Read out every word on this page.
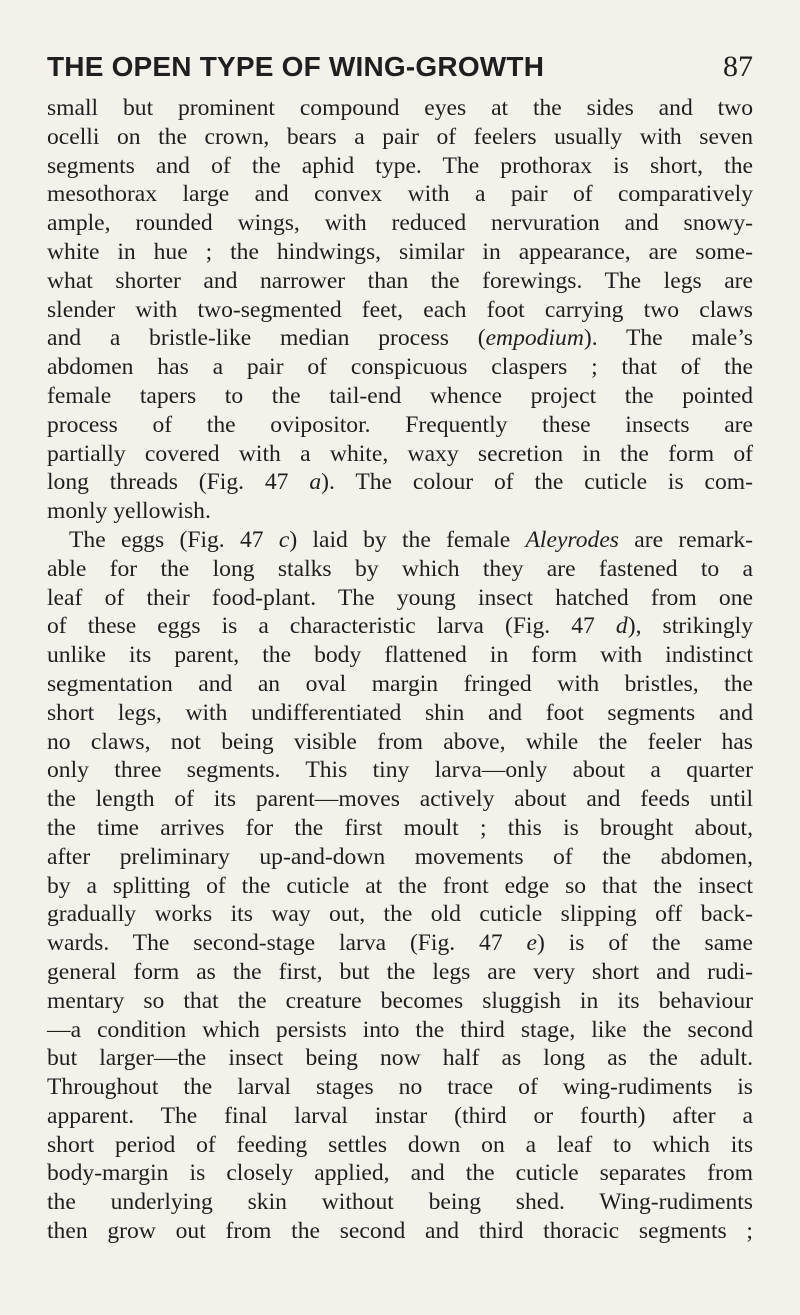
THE OPEN TYPE OF WING-GROWTH	87
small but prominent compound eyes at the sides and two
ocelli on the crown, bears a pair of feelers usually with seven
segments and of the aphid type. The prothorax is short, the
mesothorax large and convex with a pair of comparatively
ample, rounded wings, with reduced nervuration and snowy-
white in hue ; the hindwings, similar in appearance, are some-
what shorter and narrower than the forewings. The legs are
slender with two-segmented feet, each foot carrying two claws
and a bristle-like median process (empodium). The male’s
abdomen has a pair of conspicuous claspers ; that of the
female tapers to the tail-end whence project the pointed
process of the ovipositor. Frequently these insects are
partially covered with a white, waxy secretion in the form of
long threads (Fig. 47 a). The colour of the cuticle is com-
monly yellowish.
The eggs (Fig. 47 c) laid by the female Aleyrodes are remark-
able for the long stalks by which they are fastened to a
leaf of their food-plant. The young insect hatched from one
of these eggs is a characteristic larva (Fig. 47 d), strikingly
unlike its parent, the body flattened in form with indistinct
segmentation and an oval margin fringed with bristles, the
short legs, with undifferentiated shin and foot segments and
no claws, not being visible from above, while the feeler has
only three segments. This tiny larva—only about a quarter
the length of its parent—moves actively about and feeds until
the time arrives for the first moult ; this is brought about,
after preliminary up-and-down movements of the abdomen,
by a splitting of the cuticle at the front edge so that the insect
gradually works its way out, the old cuticle slipping off back-
wards. The second-stage larva (Fig. 47 e) is of the same
general form as the first, but the legs are very short and rudi-
mentary so that the creature becomes sluggish in its behaviour
—a condition which persists into the third stage, like the second
but larger—the insect being now half as long as the adult.
Throughout the larval stages no trace of wing-rudiments is
apparent. The final larval instar (third or fourth) after a
short period of feeding settles down on a leaf to which its
body-margin is closely applied, and the cuticle separates from
the underlying skin without being shed. Wing-rudiments
then grow out from the second and third thoracic segments ;
